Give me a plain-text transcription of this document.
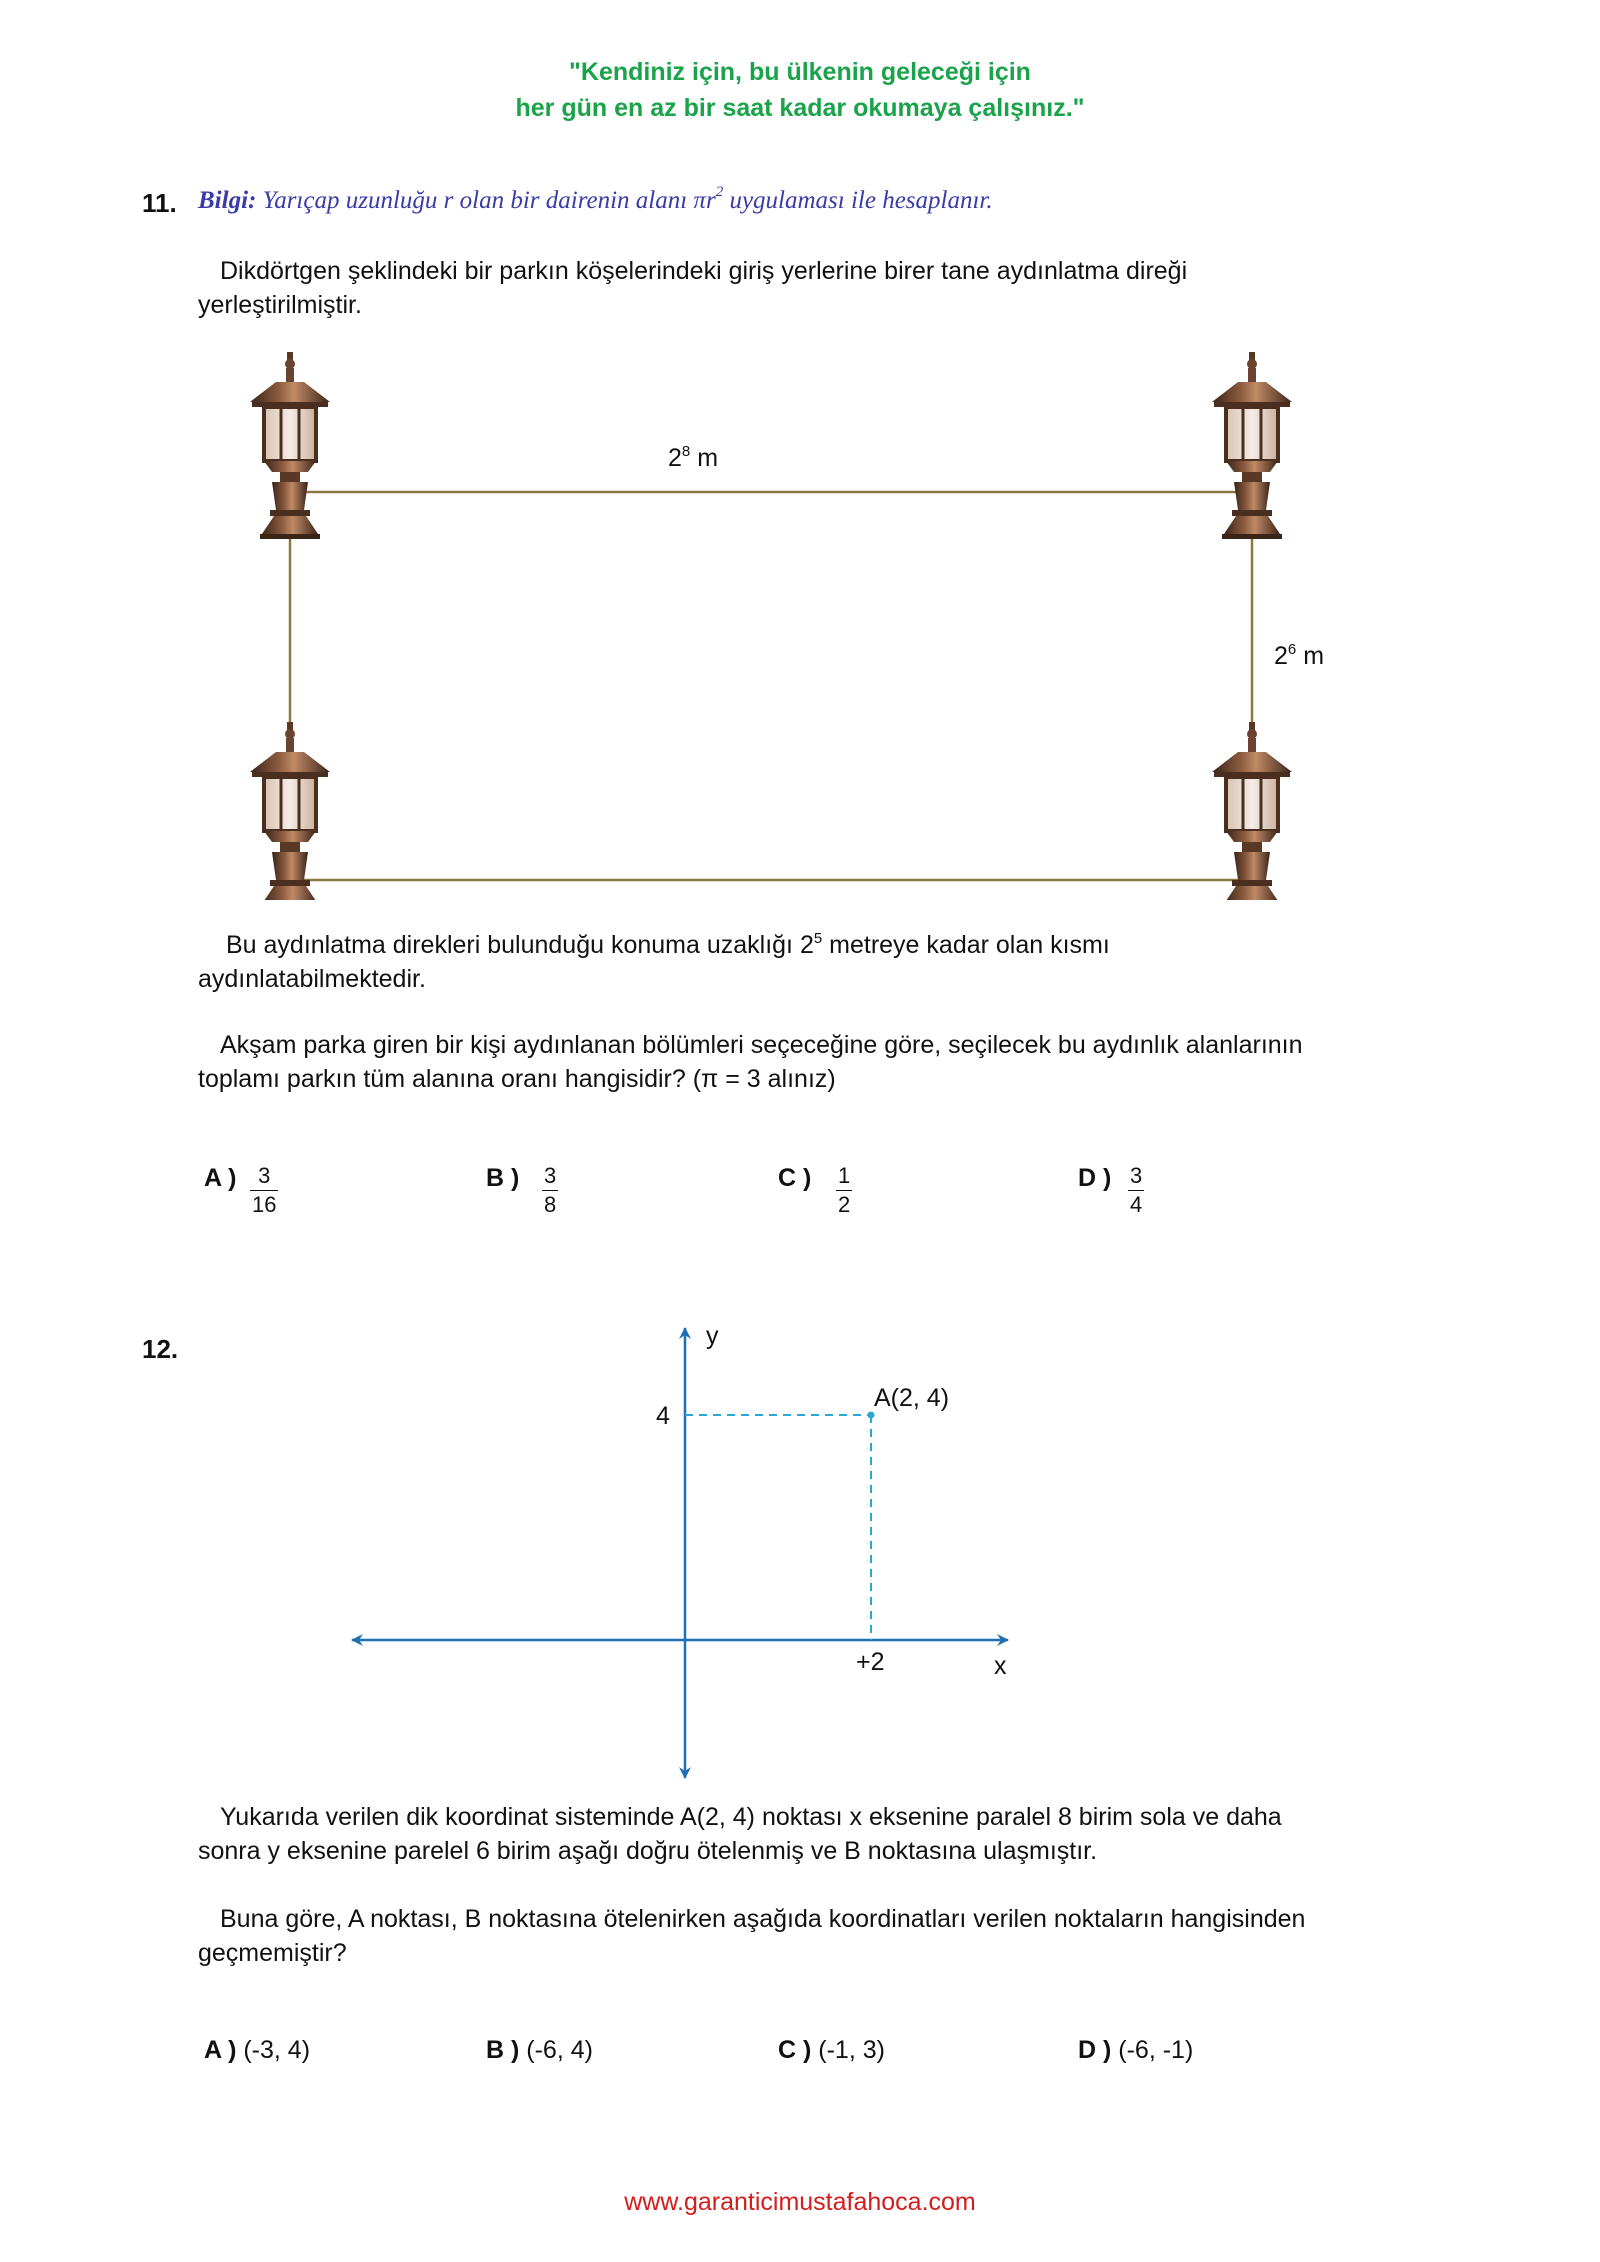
"Kendiniz için, bu ülkenin geleceği için
her gün en az bir saat kadar okumaya çalışınız."
11. Bilgi: Yarıçap uzunluğu r olan bir dairenin alanı $\pi r^2$ uygulaması ile hesaplanır.
Dikdörtgen şeklindeki bir parkın köşelerindeki giriş yerlerine birer tane aydınlatma direği
yerleştirilmiştir.
$2^8$ m
$2^6$ m
Bu aydınlatma direkleri bulunduğu konuma uzaklığı $2^5$ metreye kadar olan kısmı
aydınlatabilmektedir.
Akşam parka giren bir kişi aydınlanan bölümleri seçeceğine göre, seçilecek bu aydınlık alanlarının
toplamı parkın tüm alanına oranı hangisidir? (π = 3 alınız)
A ) $\frac{3}{16}$	B ) $\frac{3}{8}$	C ) $\frac{1}{2}$	D ) $\frac{3}{4}$
12.	y
x
4
+2
A(2, 4)
Yukarıda verilen dik koordinat sisteminde A(2, 4) noktası x eksenine paralel 8 birim sola ve daha
sonra y eksenine parelel 6 birim aşağı doğru ötelenmiş ve B noktasına ulaşmıştır.
Buna göre, A noktası, B noktasına ötelenirken aşağıda koordinatları verilen noktaların hangisinden
geçmemiştir?
A ) (-3, 4)	B ) (-6, 4)	C ) (-1, 3)	D ) (-6, -1)
www.garanticimustafahoca.com
